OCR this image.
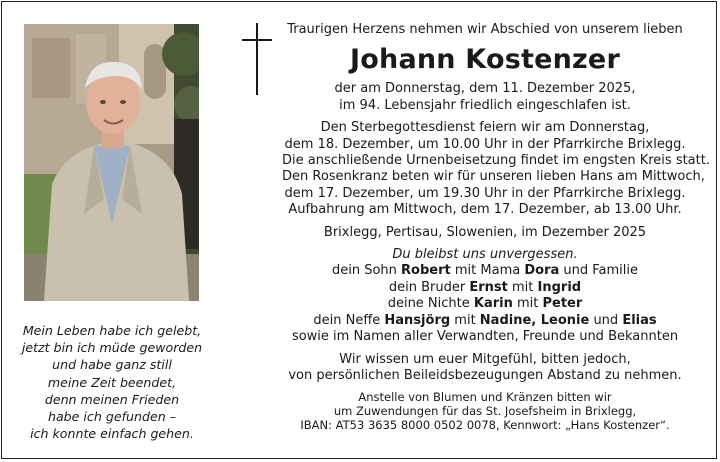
Mein Leben habe ich gelebt,
jetzt bin ich müde geworden
und habe ganz still
meine Zeit beendet,
denn meinen Frieden
habe ich gefunden –
ich konnte einfach gehen.
Traurigen Herzens nehmen wir Abschied von unserem lieben
Johann Kostenzer
der am Donnerstag, dem 11. Dezember 2025,
im 94. Lebensjahr friedlich eingeschlafen ist.
Den Sterbegottesdienst feiern wir am Donnerstag,
dem 18. Dezember, um 10.00 Uhr in der Pfarrkirche Brixlegg.
Die anschließende Urnenbeisetzung findet im engsten Kreis statt.
Den Rosenkranz beten wir für unseren lieben Hans am Mittwoch,
dem 17. Dezember, um 19.30 Uhr in der Pfarrkirche Brixlegg.
Aufbahrung am Mittwoch, dem 17. Dezember, ab 13.00 Uhr.
Brixlegg, Pertisau, Slowenien, im Dezember 2025
Du bleibst uns unvergessen.
dein Sohn Robert mit Mama Dora und Familie
dein Bruder Ernst mit Ingrid
deine Nichte Karin mit Peter
dein Neffe Hansjörg mit Nadine, Leonie und Elias
sowie im Namen aller Verwandten, Freunde und Bekannten
Wir wissen um euer Mitgefühl, bitten jedoch,
von persönlichen Beileidsbezeugungen Abstand zu nehmen.
Anstelle von Blumen und Kränzen bitten wir
um Zuwendungen für das St. Josefsheim in Brixlegg,
IBAN: AT53 3635 8000 0502 0078, Kennwort: „Hans Kostenzer“.
